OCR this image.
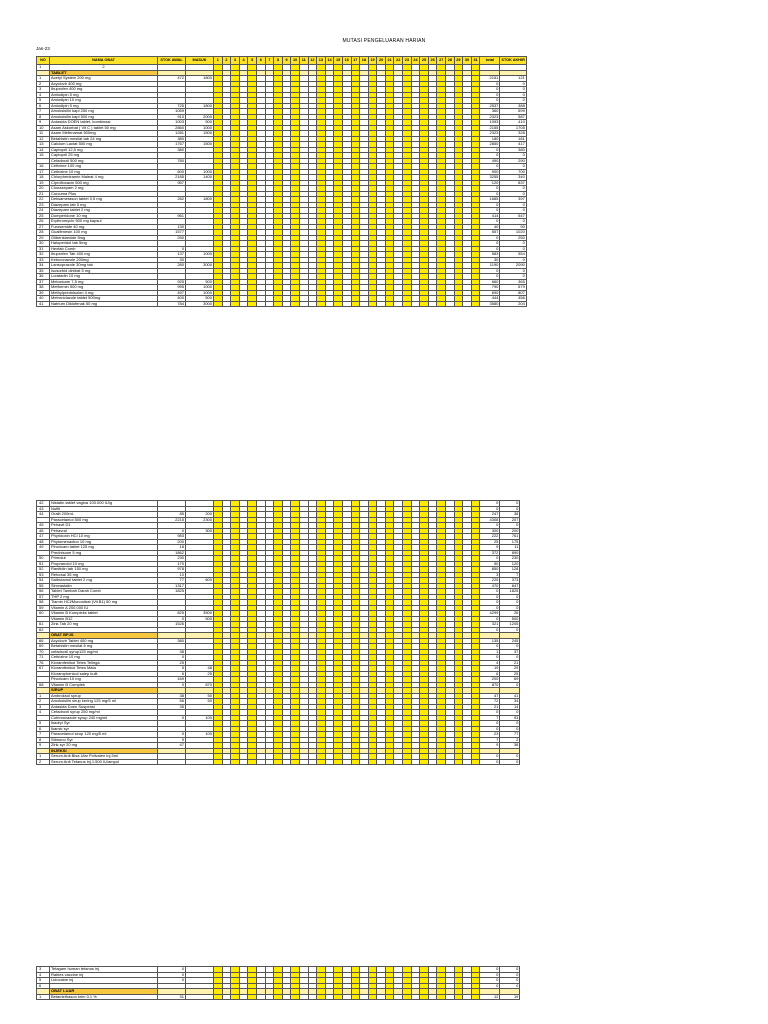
MUTASI PENGELUARAN HARIAN
Jan-23
NO	NAMA OBAT	STOK AWAL	MASUK	1	2	3	4	5	6	7	8	9	10	11	12	13	14	15	16	17	18	19	20	21	22	23	24	25	26	27	28	29	30	31	total	STOK AKHIR
1	2																																			
	TABLET																																			
1	Acetyl Systein 200 mg	472	1800																																2151	121
2	Acyclovir 400 mg																																		0	0
3	Ibuprofen 400 mg																																		0	0
4	Amlodipin 5 mg																																		0	0
5	Amlodipin 10 mg																																		0	0
6	Amlodipin 5 mg	725	1800																																2537	388
7	Amoksisilin kapl 250 mg	1059																																	360	699
8	Amoksisilin kapl 500 mg	910	2000																																2323	587
9	Antasida DOEN tablet, kombinasi	1003	500																																1093	410
10	Asam Askorbat ( Vit C ) tablet 50 mg	2860	1000																																2155	1705
11	Asam Mefenamat 500mg	1281	1500																																2323	328
12	Betahistin mesilat tab 24 mg	380																																	180	181
13	Calcium Lactat 500 mg	1767	1500																																2850	417
14	Captopril 12,5 mg	380																																	0	380
15	Captopril 25 mg																																		0	0
	Cefadroxil 500 mg	780																																	490	290
16	Cefixime 100 mg																																		0	0
17	Cetirizine 10 mg	600	1000																																900	700
18	Chlorpheniramin Maleat 4 mg	2185	1400																																3255	340
19	Ciprofloxacin 500 mg	957																																	120	837
20	Clonazepam 2 mg																																		0	0
21	Curcuma Plus																																		0	0
22	Deksametason tablet 0,5 mg	282	1800																																1685	397
23	Diazepam tab 5 mg																																		0	0
24	Diazepam tablet 2 mg																																		0	0
25	Domperidone 10 mg	961																																	414	547
26	Erythromycin 500 mg kapsul																																		0	0
27	Furosemide 40 mg	130																																	40	90
28	Guaifenesin 100 mg	1577																																	557	1020
29	Glibenklamide 5mg	250																																	0	250
30	Haloperidol tab 5mg																																		0	0
31	Hexfab Comb	0																																	0	0
32	Ibuprofen Tab 400 mg	137	1000																																583	554
33	Ketoconazole 200mg	30																																	30	0
34	Lansoprazole 30mg tab	280	3000																																1190	2090
35	Isosorbid dinitrat 5 mg																																		0	0
36	Loratadin 10 mg																																		0	0
37	Meloxicam 7,5 mg	925	500																																660	365
38	Metformin 500 mg	995	1000																																790	679
39	Methylprednisolon 4 mg	497	1000																																690	807
40	Metronidazole tablet 500mg	400	500																																444	456
41	Natrium Diklofenak 50 mg	784	3000																																3580	204
42	Nistatin tablet vagina 100.000 IU/g																																		0	0
43	Nuflit																																		0	0
44	Oralit 200mL	85	200																																247	38
	Paracetamol 500 mg	2215	2300																																4308	207
45	Pehavit D1																																		0	0
46	Pehavral	0	300																																300	200
47	Phyridoxin HCl 10 mg	983																																	222	761
48	Phytomenadion 10 mg	200																																	25	175
49	Piroxicam tablet 125 mg	18																																	9	11
	Prednisone 5 mg	1862																																	372	890
50	Primolut	230																																	0	230
51	Propranolol 10 mg	170																																	50	120
52	Ranitidin tab 150 mg	978																																	850	128
53	Retorsal 35 mg	10																																	3	7
54	Salbutamol tablet 2 mg	77	600																																225	373
55	Simvastatin	1317																																	470	847
56	Tablet Tambah Darah Comb	1825																																	0	1825
57	THP 2 mg																																		0	0
58	Tiamin HCl/Mononitrat (Vit.B1) 50 mg																																		0	0
59	Vitamin A 200.000 IU																																		0	0
60	Vitamin B Kompleks tablet	825	3500																																4299	26
	Vitamin B12	0	500																																0	500
61	Zink Tab 20 mg	1526																																	321	1205
62																																			0	0
	OBAT BPJS																																			
66	Acyclovir Tablet 400 mg	380																																	135	245
69	Betahistin mesilat 6 mg																																		0	0
70	cefadroxil syrup125 mg/ml	38																																	1	37
71	Cetirizine 10 mg	0																																	0	0
76	Kloramfenikol Tetes Telinga	25																																	4	21
67	Kloramfenikol Tetes Mata	5	48																																19	29
	Kloramphenicol salep kulit	6	25																																6	25
	Piroxicam 10 mg	169																																	200	69
68	Vitamin B Complek	0	870																																870	0
	SIRUP																																			
1	Ambroksol syrup	38	50																																47	41
2	Amoksisilin sirup kering 125 mg/5 ml	56	50																																72	34
3	Antasida Doen Suspensi	35																																	21	14
4	Cefadroxil syrup 250 mg/ml																																		0	0
	Cotrimoxazole syrup 240 mg/ml	0	100																																7	93
5	Ikadryl Syr																																		0	0
6	Ikamic syr																																		0	0
7	Paracetamol sirup 120 mg/5 ml	0	100																																23	77
8	Stimuno Syr	9																																	7	2
9	Zink syr 20 mg	47																																	9	38
	INJEKSI																																			
1	Serum Anti Bisa Ular Polivalen inj.5ml																																		0	0
2	Serum Anti Tetanus inj.1.500 IU/ampul																																		0	0
3	Tetagam human tetanus inj	0																																	0	0
4	Rabies vaccine inj	0																																	0	0
5	Lidocaine inj	0																																	0	0
6																																			0	0
	OBAT LUAR																																			
1	Betamethason krim 0,1 %	31																																	12	19
